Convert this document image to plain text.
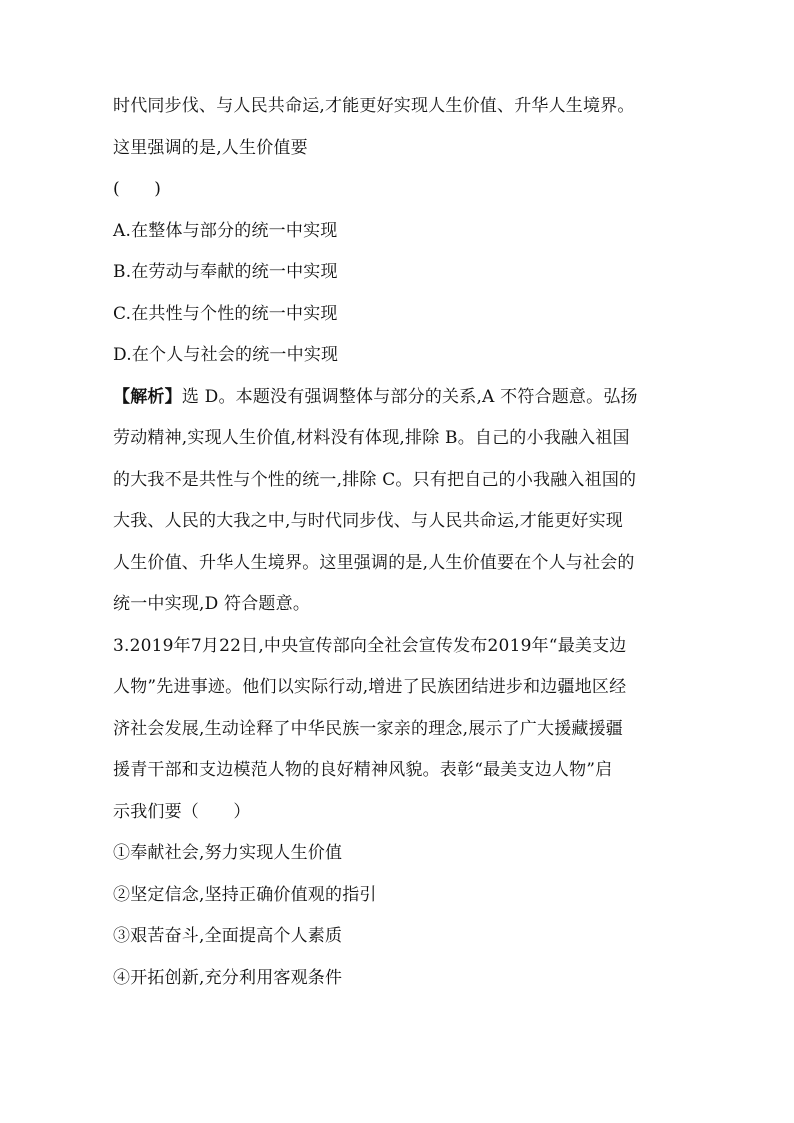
时代同步伐、与人民共命运,才能更好实现人生价值、升华人生境界。

这里强调的是,人生价值要

(　　)

A.在整体与部分的统一中实现

B.在劳动与奉献的统一中实现

C.在共性与个性的统一中实现

D.在个人与社会的统一中实现

【解析】选 D。本题没有强调整体与部分的关系,A 不符合题意。弘扬

劳动精神,实现人生价值,材料没有体现,排除 B。自己的小我融入祖国

的大我不是共性与个性的统一,排除 C。只有把自己的小我融入祖国的

大我、人民的大我之中,与时代同步伐、与人民共命运,才能更好实现

人生价值、升华人生境界。这里强调的是,人生价值要在个人与社会的

统一中实现,D 符合题意。

3.2019年7月22日,中央宣传部向全社会宣传发布2019年“最美支边

人物”先进事迹。他们以实际行动,增进了民族团结进步和边疆地区经

济社会发展,生动诠释了中华民族一家亲的理念,展示了广大援藏援疆

援青干部和支边模范人物的良好精神风貌。表彰“最美支边人物”启

示我们要（　　）

①奉献社会,努力实现人生价值

②坚定信念,坚持正确价值观的指引

③艰苦奋斗,全面提高个人素质

④开拓创新,充分利用客观条件
